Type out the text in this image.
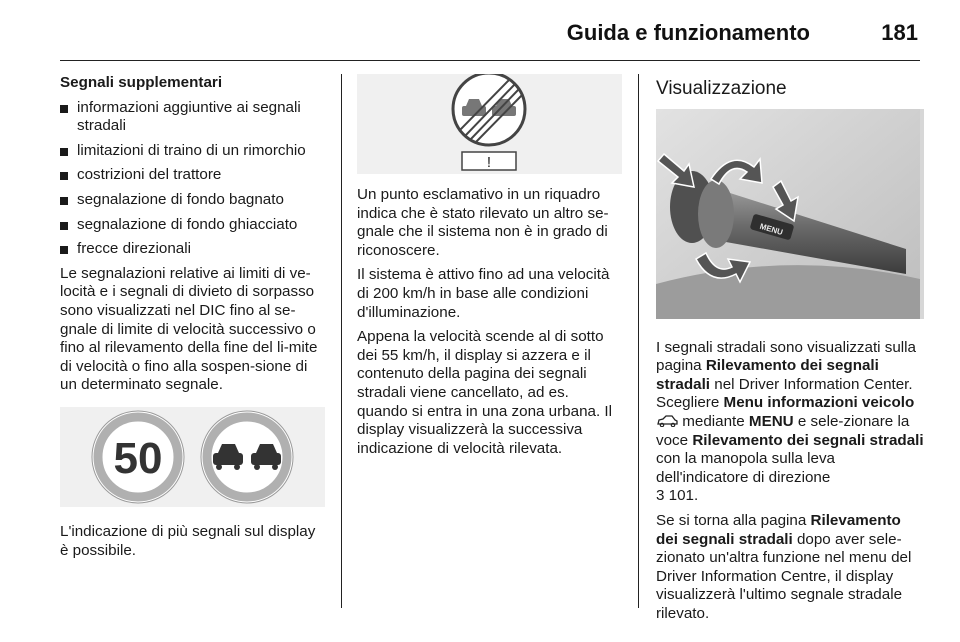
Guida e funzionamento	181

Segnali supplementari

informazioni aggiuntive ai segnali stradali
limitazioni di traino di un rimorchio
costrizioni del trattore
segnalazione di fondo bagnato
segnalazione di fondo ghiacciato
frecce direzionali

Le segnalazioni relative ai limiti di ve-locità e i segnali di divieto di sorpasso sono visualizzati nel DIC fino al se-gnale di limite di velocità successivo o fino al rilevamento della fine del li-mite di velocità o fino alla sospen-sione di un determinato segnale.

50

L'indicazione di più segnali sul display è possibile.

!

Un punto esclamativo in un riquadro indica che è stato rilevato un altro se-gnale che il sistema non è in grado di riconoscere.

Il sistema è attivo fino ad una velocità di 200 km/h in base alle condizioni d'illuminazione.

Appena la velocità scende al di sotto dei 55 km/h, il display si azzera e il contenuto della pagina dei segnali stradali viene cancellato, ad es. quando si entra in una zona urbana. Il display visualizzerà la successiva indicazione di velocità rilevata.

Visualizzazione

MENU

I segnali stradali sono visualizzati sulla pagina Rilevamento dei segnali stradali nel Driver Information Center. Scegliere Menu informazioni veicolo  mediante MENU e sele-zionare la voce Rilevamento dei segnali stradali con la manopola sulla leva dell'indicatore di direzione
3 101.

Se si torna alla pagina Rilevamento dei segnali stradali dopo aver sele-zionato un'altra funzione nel menu del Driver Information Centre, il display visualizzerà l'ultimo segnale stradale rilevato.
